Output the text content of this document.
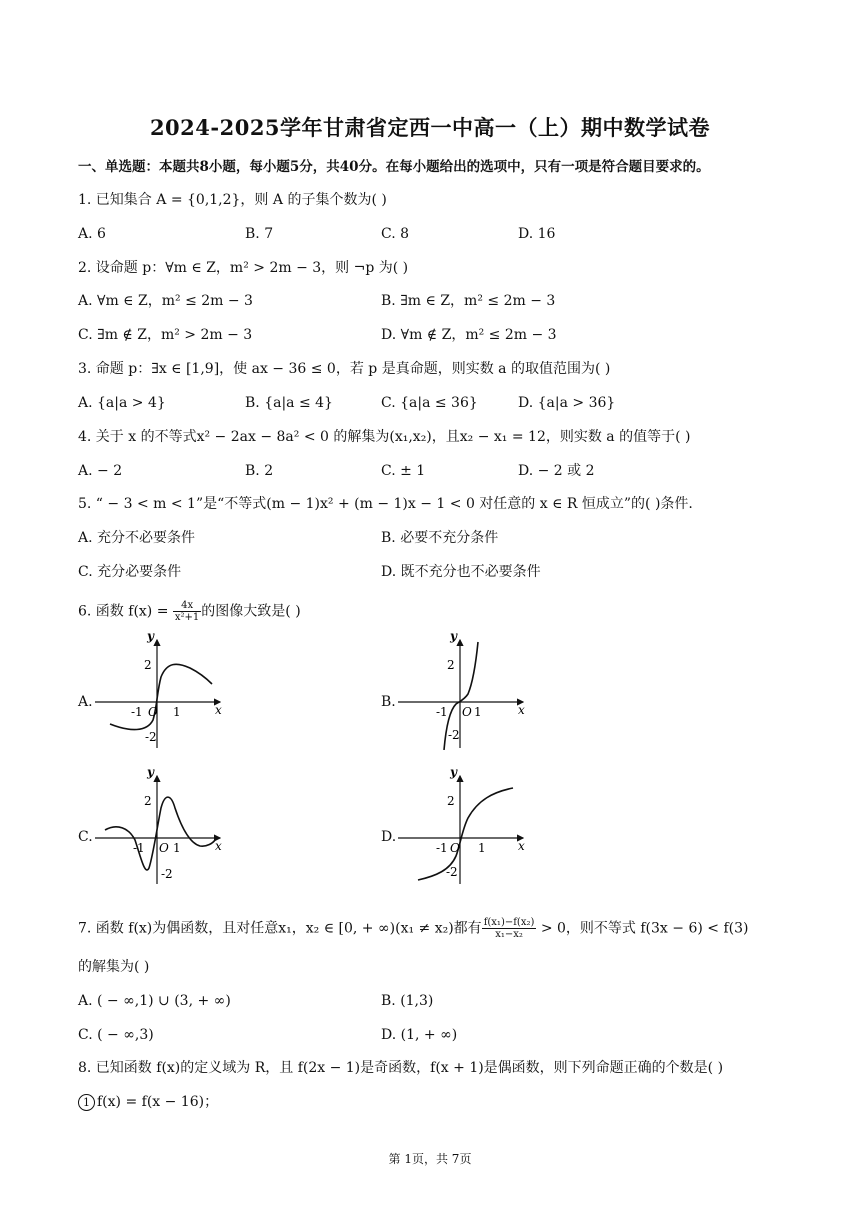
2024-2025学年甘肃省定西一中高一（上）期中数学试卷
一、单选题：本题共8小题，每小题5分，共40分。在每小题给出的选项中，只有一项是符合题目要求的。
1. 已知集合 A = {0,1,2}，则 A 的子集个数为( )
A. 6	B. 7	C. 8	D. 16
2. 设命题 p：∀m ∈ Z，m² > 2m − 3，则 ¬p 为( )
A. ∀m ∈ Z，m² ≤ 2m − 3	B. ∃m ∈ Z，m² ≤ 2m − 3
C. ∃m ∉ Z，m² > 2m − 3	D. ∀m ∉ Z，m² ≤ 2m − 3
3. 命题 p：∃x ∈ [1,9]，使 ax − 36 ≤ 0，若 p 是真命题，则实数 a 的取值范围为( )
A. {a|a > 4}	B. {a|a ≤ 4}	C. {a|a ≤ 36}	D. {a|a > 36}
4. 关于 x 的不等式x² − 2ax − 8a² < 0 的解集为(x₁,x₂)，且x₂ − x₁ = 12，则实数 a 的值等于( )
A. − 2	B. 2	C. ± 1	D. − 2 或 2
5. “ − 3 < m < 1”是“不等式(m − 1)x² + (m − 1)x − 1 < 0 对任意的 x ∈ R 恒成立”的( )条件.
A. 充分不必要条件	B. 必要不充分条件
C. 充分必要条件	D. 既不充分也不必要条件
6. 函数 $f(x) = \frac{4x}{\text{x²+1}}$ 的图像大致是( )
A.	B.
C.	D.
y
x
2
-2
-1	1
O
y
x
2
-2
-1 1
O
y
x
2
-2
-1 1
O
y
x
2
-2
-1	1
O
7. 函数 f(x)为偶函数，且对任意x₁，x₂ ∈ [0, + ∞)(x₁ ≠ x₂)都有 $\frac{\text{f(x₁)−f(x₂)}}{\text{x₁−x₂}} > 0$，则不等式 f(3x − 6) < f(3)
的解集为( )
A. ( − ∞,1) ∪ (3, + ∞)	B. (1,3)
C. ( − ∞,3)	D. (1, + ∞)
8. 已知函数 f(x)的定义域为 R，且 f(2x − 1)是奇函数，f(x + 1)是偶函数，则下列命题正确的个数是( )
1 f(x) = f(x − 16)；
第 1页，共 7页
